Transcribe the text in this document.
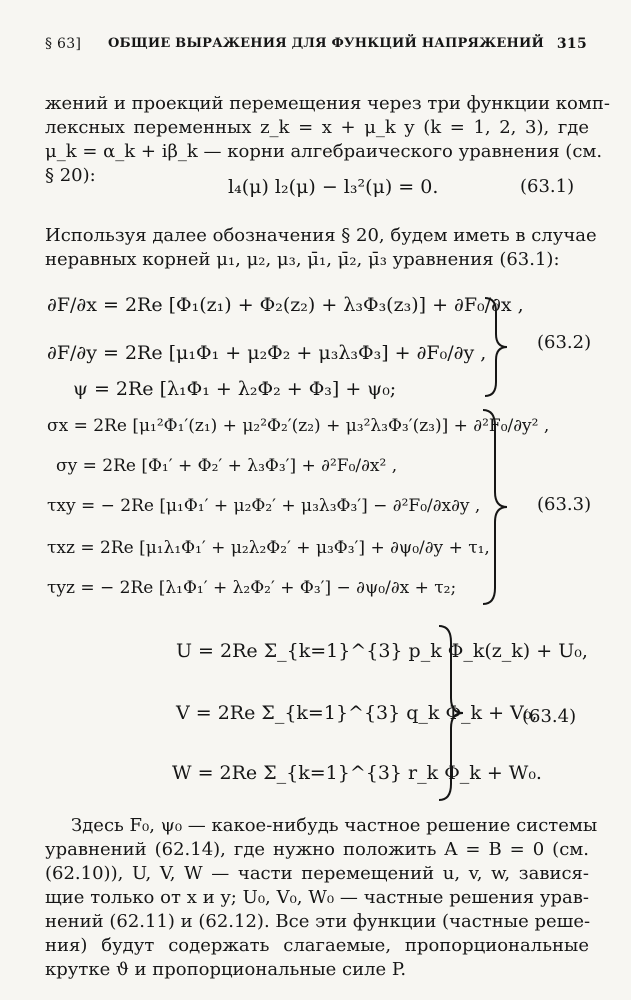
§ 63] ОБЩИЕ ВЫРАЖЕНИЯ ДЛЯ ФУНКЦИЙ НАПРЯЖЕНИЙ 315
жений и проекций перемещения через три функции комп-
лексных переменных z_k = x + μ_k y (k = 1, 2, 3), где
μ_k = α_k + iβ_k — корни алгебраического уравнения (см.
§ 20):
l₄(μ) l₂(μ) − l₃²(μ) = 0.	(63.1)
Используя далее обозначения § 20, будем иметь в случае
неравных корней μ₁, μ₂, μ₃, μ̄₁, μ̄₂, μ̄₃ уравнения (63.1):
∂F/∂x = 2Re [Φ₁(z₁) + Φ₂(z₂) + λ₃Φ₃(z₃)] + ∂F₀/∂x ,
∂F/∂y = 2Re [μ₁Φ₁ + μ₂Φ₂ + μ₃λ₃Φ₃] + ∂F₀/∂y ,
ψ = 2Re [λ₁Φ₁ + λ₂Φ₂ + Φ₃] + ψ₀;
(63.2)
σx = 2Re [μ₁²Φ₁′(z₁) + μ₂²Φ₂′(z₂) + μ₃²λ₃Φ₃′(z₃)] + ∂²F₀/∂y² ,
σy = 2Re [Φ₁′ + Φ₂′ + λ₃Φ₃′] + ∂²F₀/∂x² ,
τxy = − 2Re [μ₁Φ₁′ + μ₂Φ₂′ + μ₃λ₃Φ₃′] − ∂²F₀/∂x∂y ,
τxz = 2Re [μ₁λ₁Φ₁′ + μ₂λ₂Φ₂′ + μ₃Φ₃′] + ∂ψ₀/∂y + τ₁,
τyz = − 2Re [λ₁Φ₁′ + λ₂Φ₂′ + Φ₃′] − ∂ψ₀/∂x + τ₂;
(63.3)
U = 2Re Σ_{k=1}^{3} p_k Φ_k(z_k) + U₀,
V = 2Re Σ_{k=1}^{3} q_k Φ_k + V₀,
W = 2Re Σ_{k=1}^{3} r_k Φ_k + W₀.
(63.4)
Здесь F₀, ψ₀ — какое-нибудь частное решение системы
уравнений (62.14), где нужно положить A = B = 0 (см.
(62.10)), U, V, W — части перемещений u, v, w, завися-
щие только от x и y; U₀, V₀, W₀ — частные решения урав-
нений (62.11) и (62.12). Все эти функции (частные реше-
ния) будут содержать слагаемые, пропорциональные
крутке ϑ и пропорциональные силе P.
